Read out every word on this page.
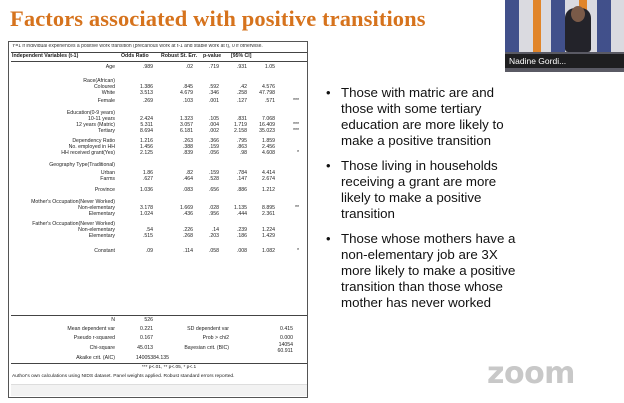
Factors associated with positive transitions
Y=1 if individual experiences a positive work transition (precarious work at t-1 and stable work at t), 0 if otherwise.
Independent Variables (t-1)	Odds Ratio	Robust St. Err.	p-value	[95% CI]
Age	.989	.02	.719	.931	1.05
Race(African)
Coloured	1.386	.845	.592	.42	4.576
White	3.513	4.679	.346	.258	47.798
Female	.269	.103	.001	.127	.571	***
Education(0-9 years)
10-11 years	2.424	1.323	.105	.831	7.068
12 years (Matric)	5.311	3.057	.004	1.719	16.409	***
Tertiary	8.694	6.181	.002	2.158	35.023	***
Dependency Ratio	1.216	.263	.366	.795	1.859
No. employed in HH	1.456	.388	.159	.863	2.456
HH received grant(Yes)	2.125	.839	.056	.98	4.608	*
Geography Type(Traditional)
Urban	1.86	.82	.159	.784	4.414
Farms	.627	.464	.528	.147	2.674
Province	1.036	.083	.656	.886	1.212
Mother's Occupation(Never Worked)
Non-elementary	3.178	1.669	.028	1.135	8.895	**
Elementary	1.024	.436	.956	.444	2.361
Father's Occupation(Never Worked)
Non-elementary	.54	.226	.14	.239	1.224
Elementary	.515	.268	.203	.186	1.429
Constant	.09	.114	.058	.008	1.082	*
N	526
Mean dependent var	0.221	SD dependent var	0.415
Pseudo r-squared	0.167	Prob > chi2	0.000
Chi-square	45.013	Bayesian crit. (BIC)	14054
60.911
Akaike crit. (AIC)	14005384.135
*** p<.01, ** p<.05, * p<.1
Author's own calculations using NIDS dataset. Panel weights applied. Robust standard errors reported.
• Those with matric are and those with some tertiary education are more likely to make a positive transition
• Those living in households receiving a grant are more likely to make a positive transition
• Those whose mothers have a non-elementary job are 3X more likely to make a positive transition than those whose mother has never worked
Nadine Gordi...
zoom
